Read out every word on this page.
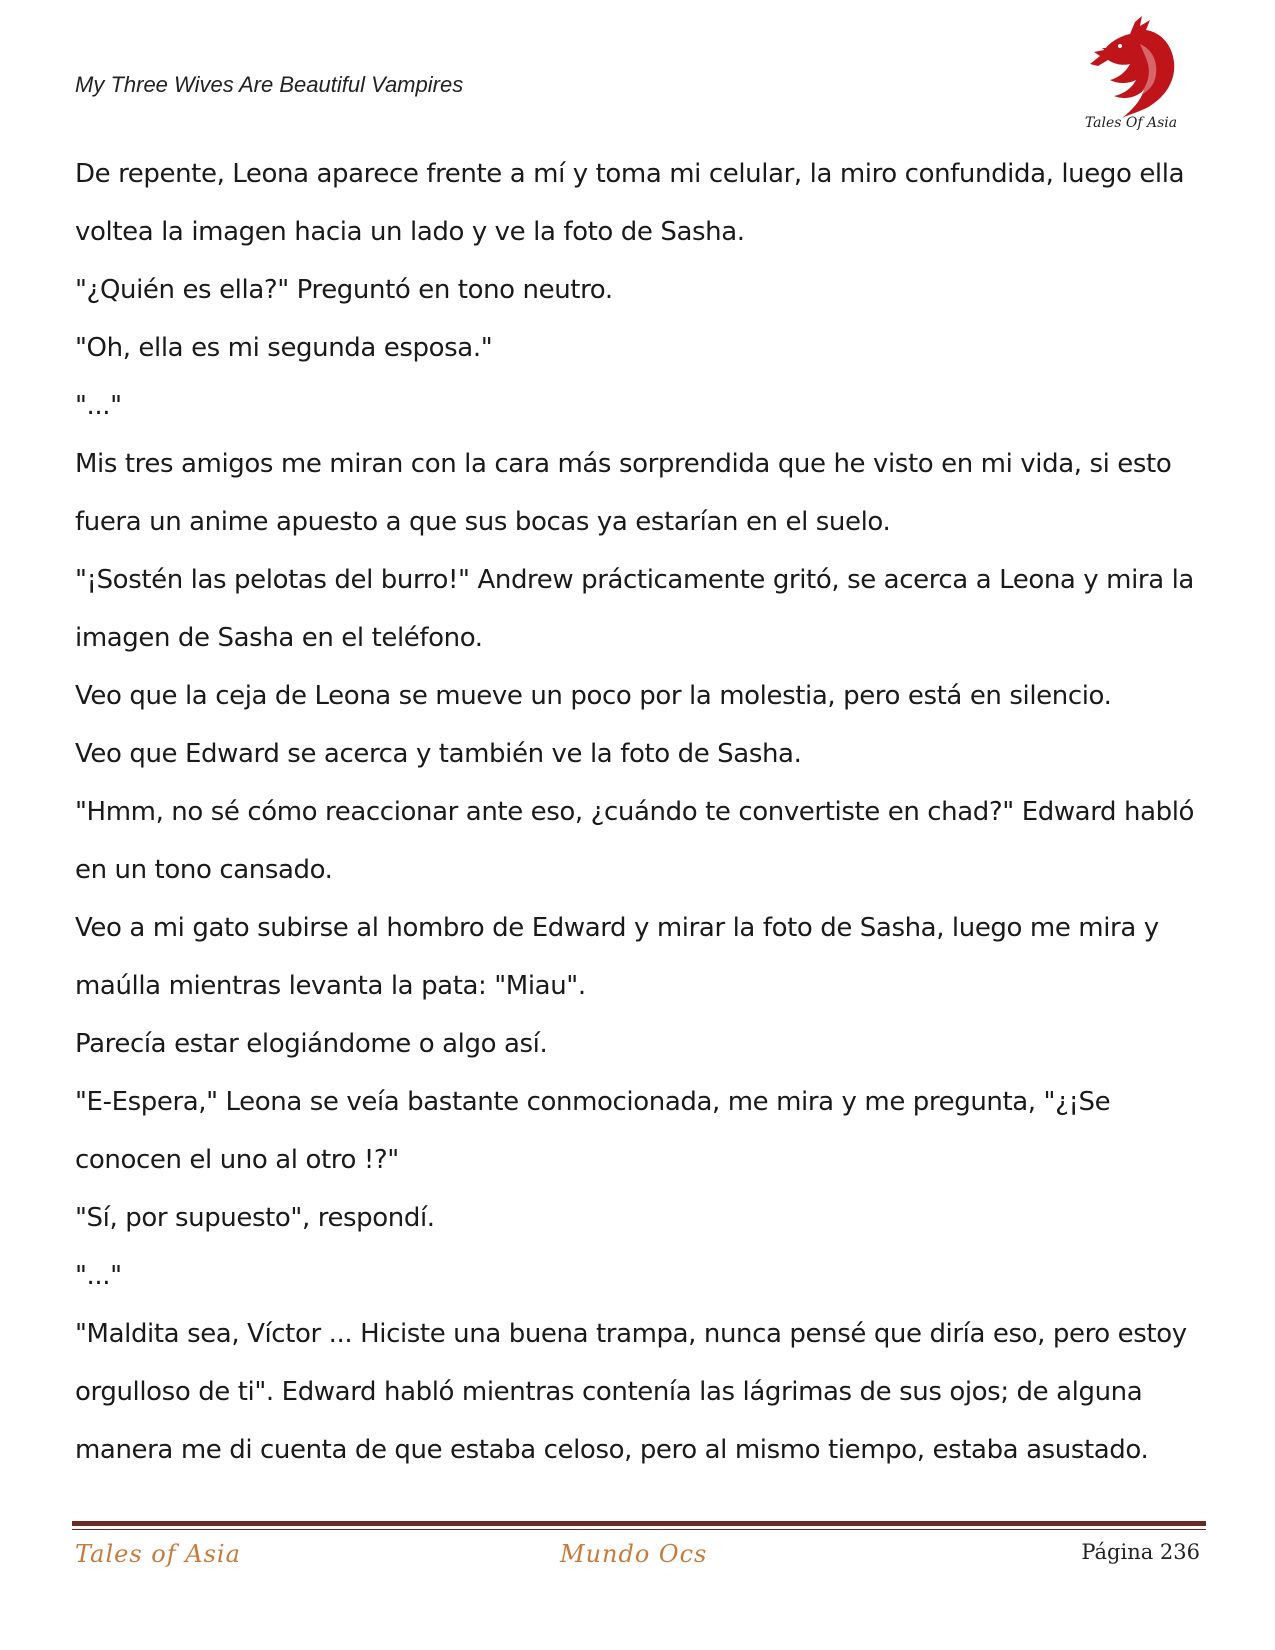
My Three Wives Are Beautiful Vampires
Tales Of Asia

De repente, Leona aparece frente a mí y toma mi celular, la miro confundida, luego ella voltea la imagen hacia un lado y ve la foto de Sasha.

"¿Quién es ella?" Preguntó en tono neutro.

"Oh, ella es mi segunda esposa."

"..."

Mis tres amigos me miran con la cara más sorprendida que he visto en mi vida, si esto fuera un anime apuesto a que sus bocas ya estarían en el suelo.

"¡Sostén las pelotas del burro!" Andrew prácticamente gritó, se acerca a Leona y mira la imagen de Sasha en el teléfono.

Veo que la ceja de Leona se mueve un poco por la molestia, pero está en silencio.

Veo que Edward se acerca y también ve la foto de Sasha.

"Hmm, no sé cómo reaccionar ante eso, ¿cuándo te convertiste en chad?" Edward habló en un tono cansado.

Veo a mi gato subirse al hombro de Edward y mirar la foto de Sasha, luego me mira y maúlla mientras levanta la pata: "Miau".

Parecía estar elogiándome o algo así.

"E-Espera," Leona se veía bastante conmocionada, me mira y me pregunta, "¿¡Se conocen el uno al otro !?"

"Sí, por supuesto", respondí.

"..."

"Maldita sea, Víctor ... Hiciste una buena trampa, nunca pensé que diría eso, pero estoy orgulloso de ti". Edward habló mientras contenía las lágrimas de sus ojos; de alguna manera me di cuenta de que estaba celoso, pero al mismo tiempo, estaba asustado.

Tales of Asia	Mundo Ocs	Página 236
